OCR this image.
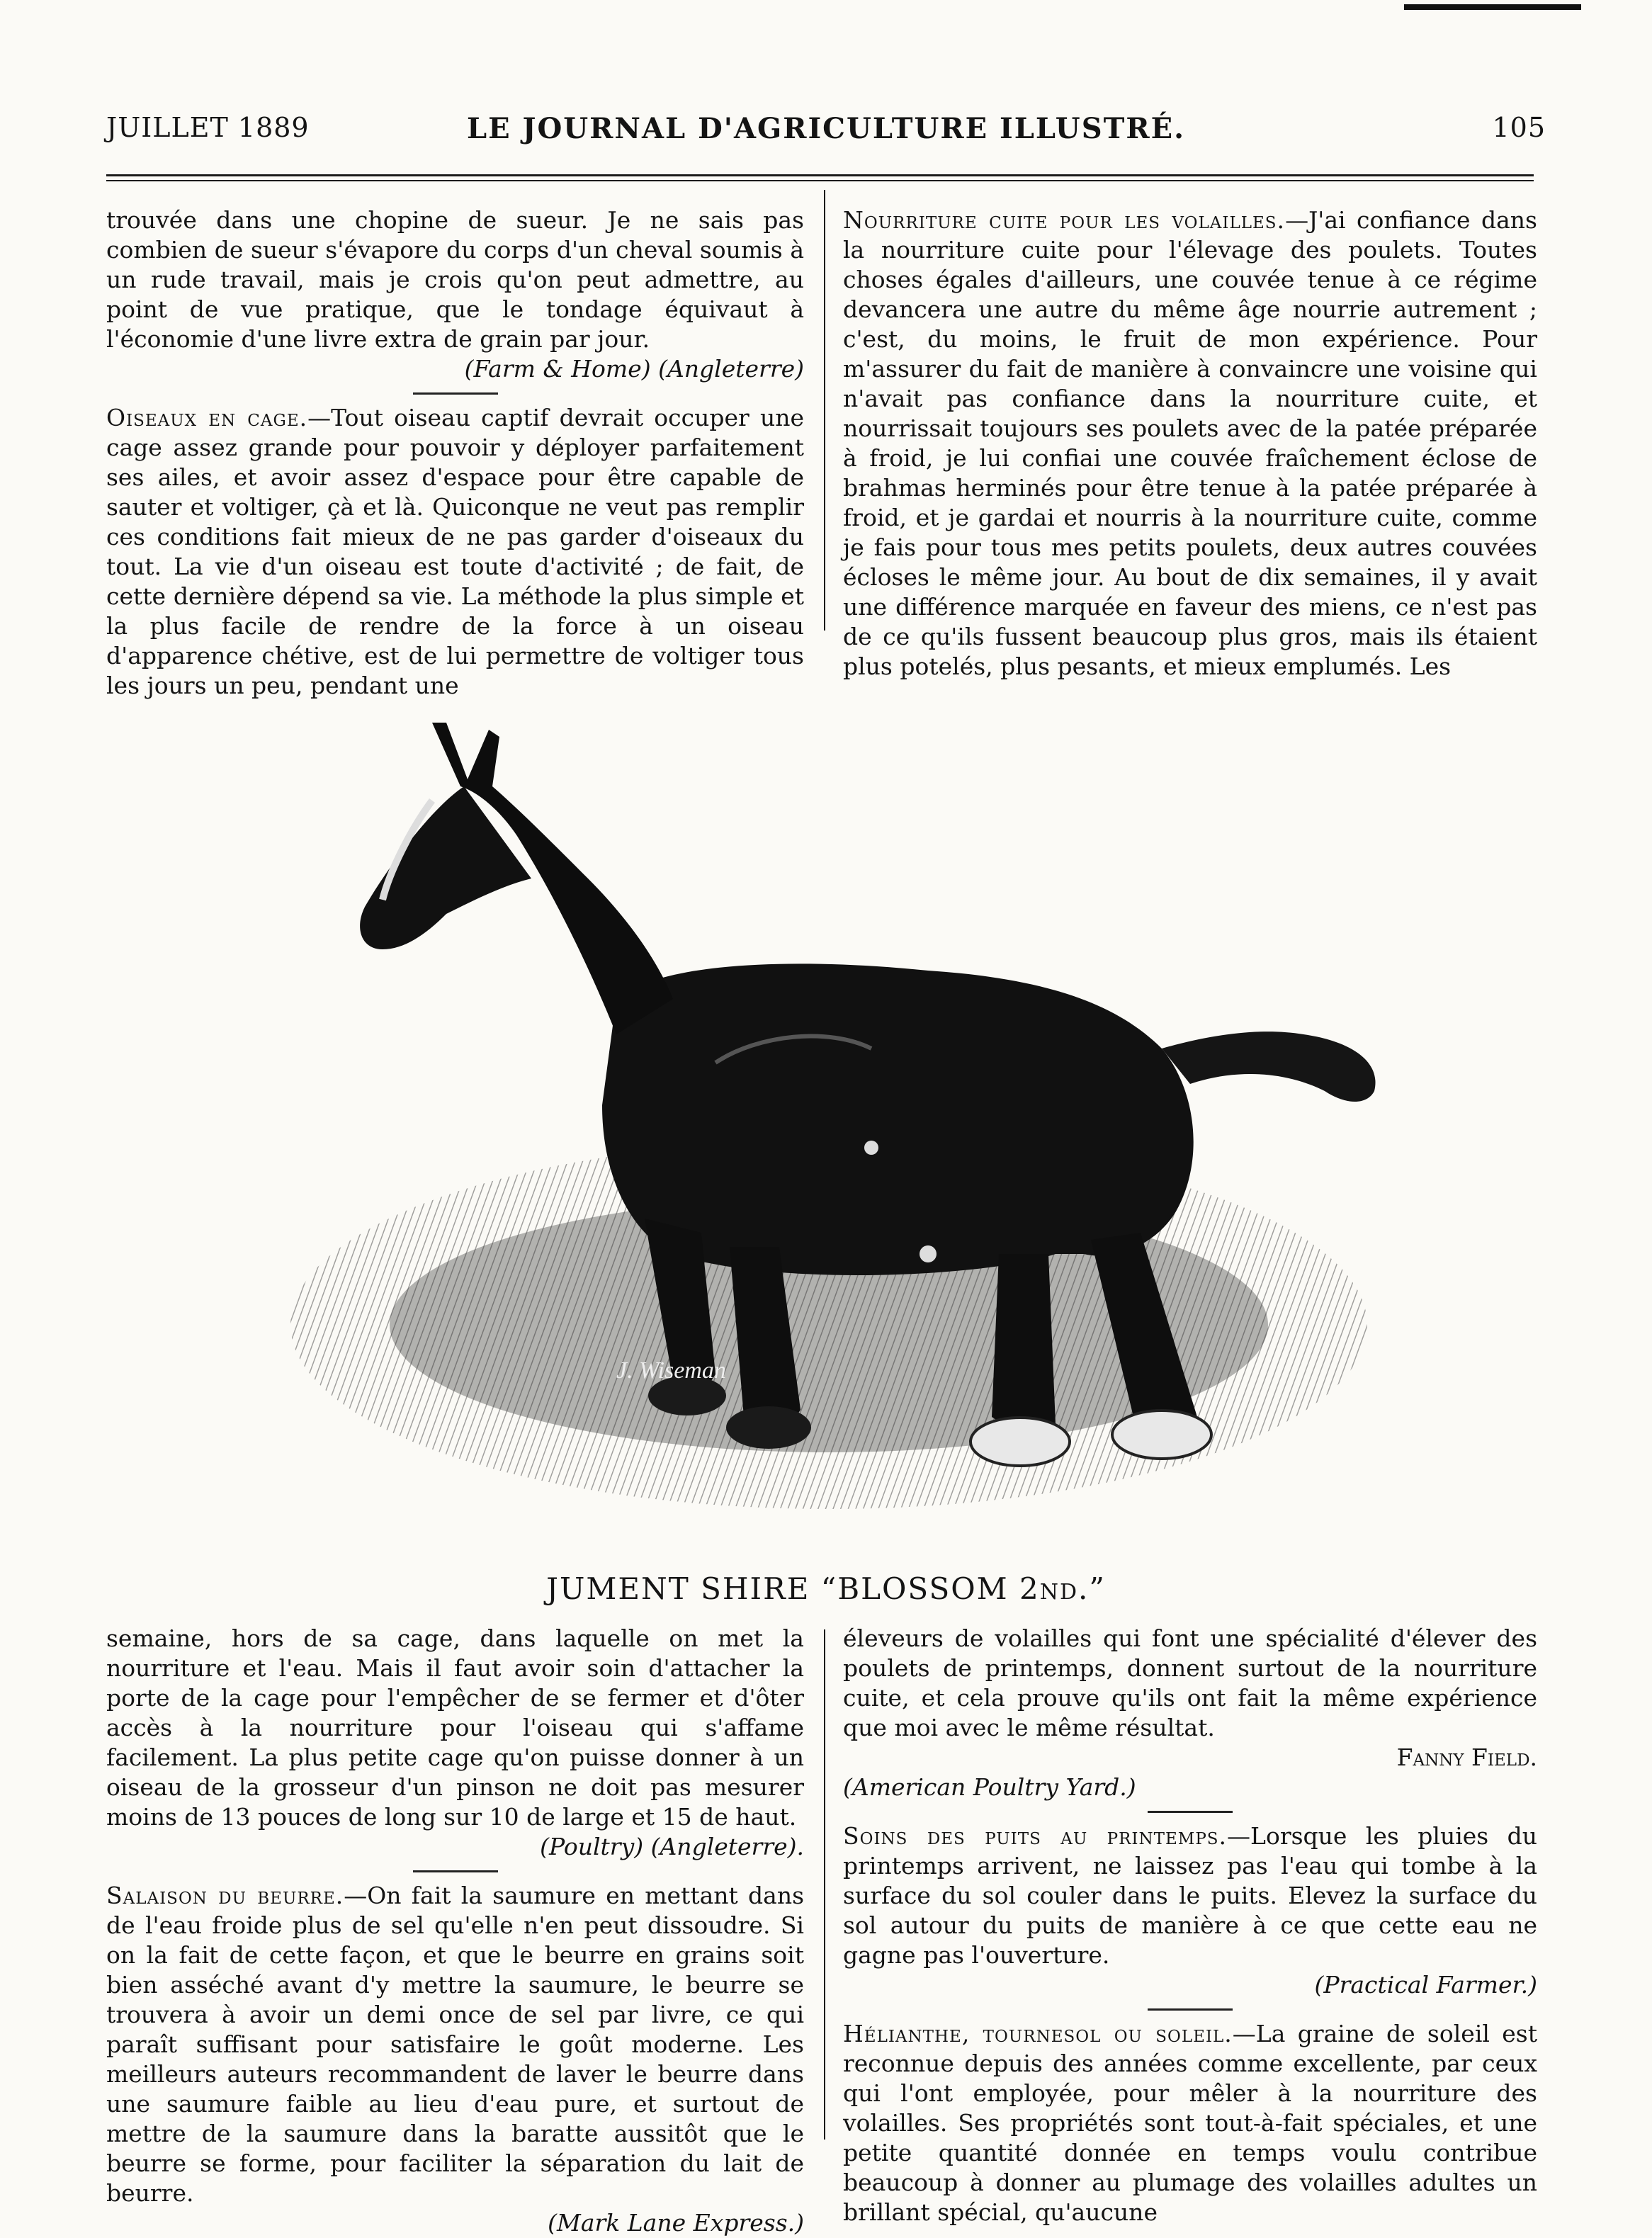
JUILLET 1889	LE JOURNAL D'AGRICULTURE ILLUSTRÉ.	105

trouvée dans une chopine de sueur. Je ne sais pas combien de sueur s'évapore du corps d'un cheval soumis à un rude travail, mais je crois qu'on peut admettre, au point de vue pratique, que le tondage équivaut à l'économie d'une livre extra de grain par jour.
(Farm & Home) (Angleterre)

Oiseaux en cage.—Tout oiseau captif devrait occuper une cage assez grande pour pouvoir y déployer parfaitement ses ailes, et avoir assez d'espace pour être capable de sauter et voltiger, çà et là. Quiconque ne veut pas remplir ces conditions fait mieux de ne pas garder d'oiseaux du tout. La vie d'un oiseau est toute d'activité ; de fait, de cette dernière dépend sa vie. La méthode la plus simple et la plus facile de rendre de la force à un oiseau d'apparence chétive, est de lui permettre de voltiger tous les jours un peu, pendant une

Nourriture cuite pour les volailles.—J'ai confiance dans la nourriture cuite pour l'élevage des poulets. Toutes choses égales d'ailleurs, une couvée tenue à ce régime devancera une autre du même âge nourrie autrement ; c'est, du moins, le fruit de mon expérience. Pour m'assurer du fait de manière à convaincre une voisine qui n'avait pas confiance dans la nourriture cuite, et nourrissait toujours ses poulets avec de la patée préparée à froid, je lui confiai une couvée fraîchement éclose de brahmas herminés pour être tenue à la patée préparée à froid, et je gardai et nourris à la nourriture cuite, comme je fais pour tous mes petits poulets, deux autres couvées écloses le même jour. Au bout de dix semaines, il y avait une différence marquée en faveur des miens, ce n'est pas de ce qu'ils fussent beaucoup plus gros, mais ils étaient plus potelés, plus pesants, et mieux emplumés. Les

J. Wiseman
JUMENT SHIRE “BLOSSOM 2ND.”

semaine, hors de sa cage, dans laquelle on met la nourriture et l'eau. Mais il faut avoir soin d'attacher la porte de la cage pour l'empêcher de se fermer et d'ôter accès à la nourriture pour l'oiseau qui s'affame facilement. La plus petite cage qu'on puisse donner à un oiseau de la grosseur d'un pinson ne doit pas mesurer moins de 13 pouces de long sur 10 de large et 15 de haut.
(Poultry) (Angleterre).

Salaison du beurre.—On fait la saumure en mettant dans de l'eau froide plus de sel qu'elle n'en peut dissoudre. Si on la fait de cette façon, et que le beurre en grains soit bien asséché avant d'y mettre la saumure, le beurre se trouvera à avoir un demi once de sel par livre, ce qui paraît suffisant pour satisfaire le goût moderne. Les meilleurs auteurs recommandent de laver le beurre dans une saumure faible au lieu d'eau pure, et surtout de mettre de la saumure dans la baratte aussitôt que le beurre se forme, pour faciliter la séparation du lait de beurre.
(Mark Lane Express.)

éleveurs de volailles qui font une spécialité d'élever des poulets de printemps, donnent surtout de la nourriture cuite, et cela prouve qu'ils ont fait la même expérience que moi avec le même résultat.
Fanny Field.
(American Poultry Yard.)

Soins des puits au printemps.—Lorsque les pluies du printemps arrivent, ne laissez pas l'eau qui tombe à la surface du sol couler dans le puits. Elevez la surface du sol autour du puits de manière à ce que cette eau ne gagne pas l'ouverture.
(Practical Farmer.)

Hélianthe, tournesol ou soleil.—La graine de soleil est reconnue depuis des années comme excellente, par ceux qui l'ont employée, pour mêler à la nourriture des volailles. Ses propriétés sont tout-à-fait spéciales, et une petite quantité donnée en temps voulu contribue beaucoup à donner au plumage des volailles adultes un brillant spécial, qu'aucune
